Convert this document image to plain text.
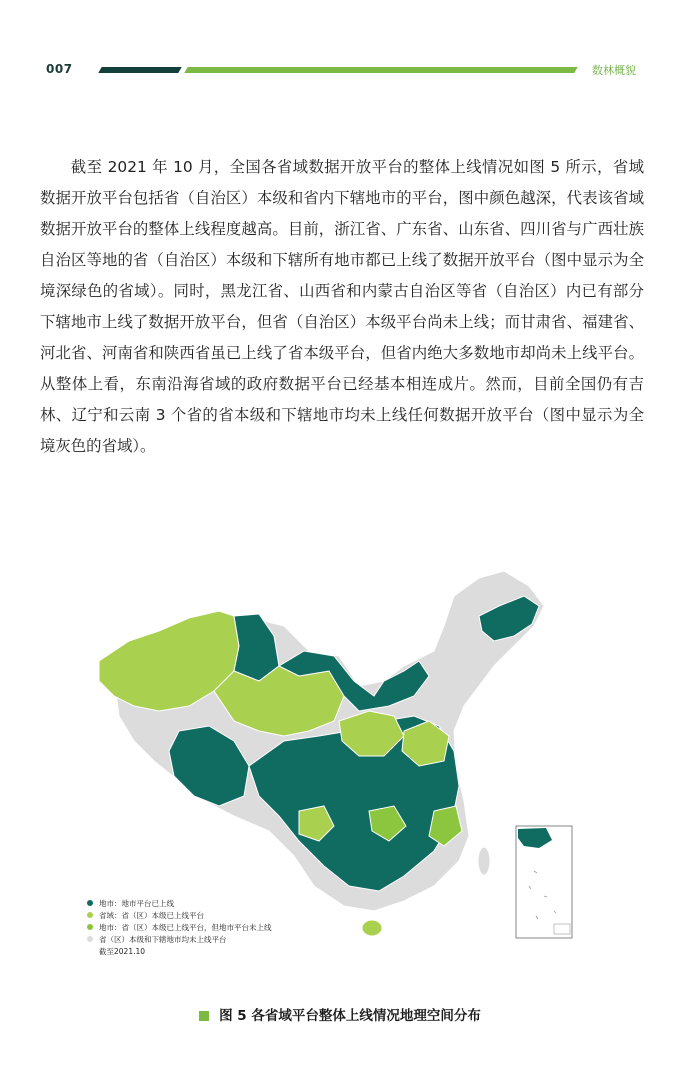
007	数林概貌
截至 2021 年 10 月，全国各省域数据开放平台的整体上线情况如图 5 所示，省域数据开放平台包括省（自治区）本级和省内下辖地市的平台，图中颜色越深，代表该省域数据开放平台的整体上线程度越高。目前，浙江省、广东省、山东省、四川省与广西壮族自治区等地的省（自治区）本级和下辖所有地市都已上线了数据开放平台（图中显示为全境深绿色的省域）。同时，黑龙江省、山西省和内蒙古自治区等省（自治区）内已有部分下辖地市上线了数据开放平台，但省（自治区）本级平台尚未上线；而甘肃省、福建省、河北省、河南省和陕西省虽已上线了省本级平台，但省内绝大多数地市却尚未上线平台。从整体上看，东南沿海省域的政府数据平台已经基本相连成片。然而，目前全国仍有吉林、辽宁和云南 3 个省的省本级和下辖地市均未上线任何数据开放平台（图中显示为全境灰色的省域）。
地市：地市平台已上线
省域：省（区）本级已上线平台
地市：省（区）本级已上线平台，但地市平台未上线
省（区）本级和下辖地市均未上线平台
截至2021.10
图 5 各省域平台整体上线情况地理空间分布
